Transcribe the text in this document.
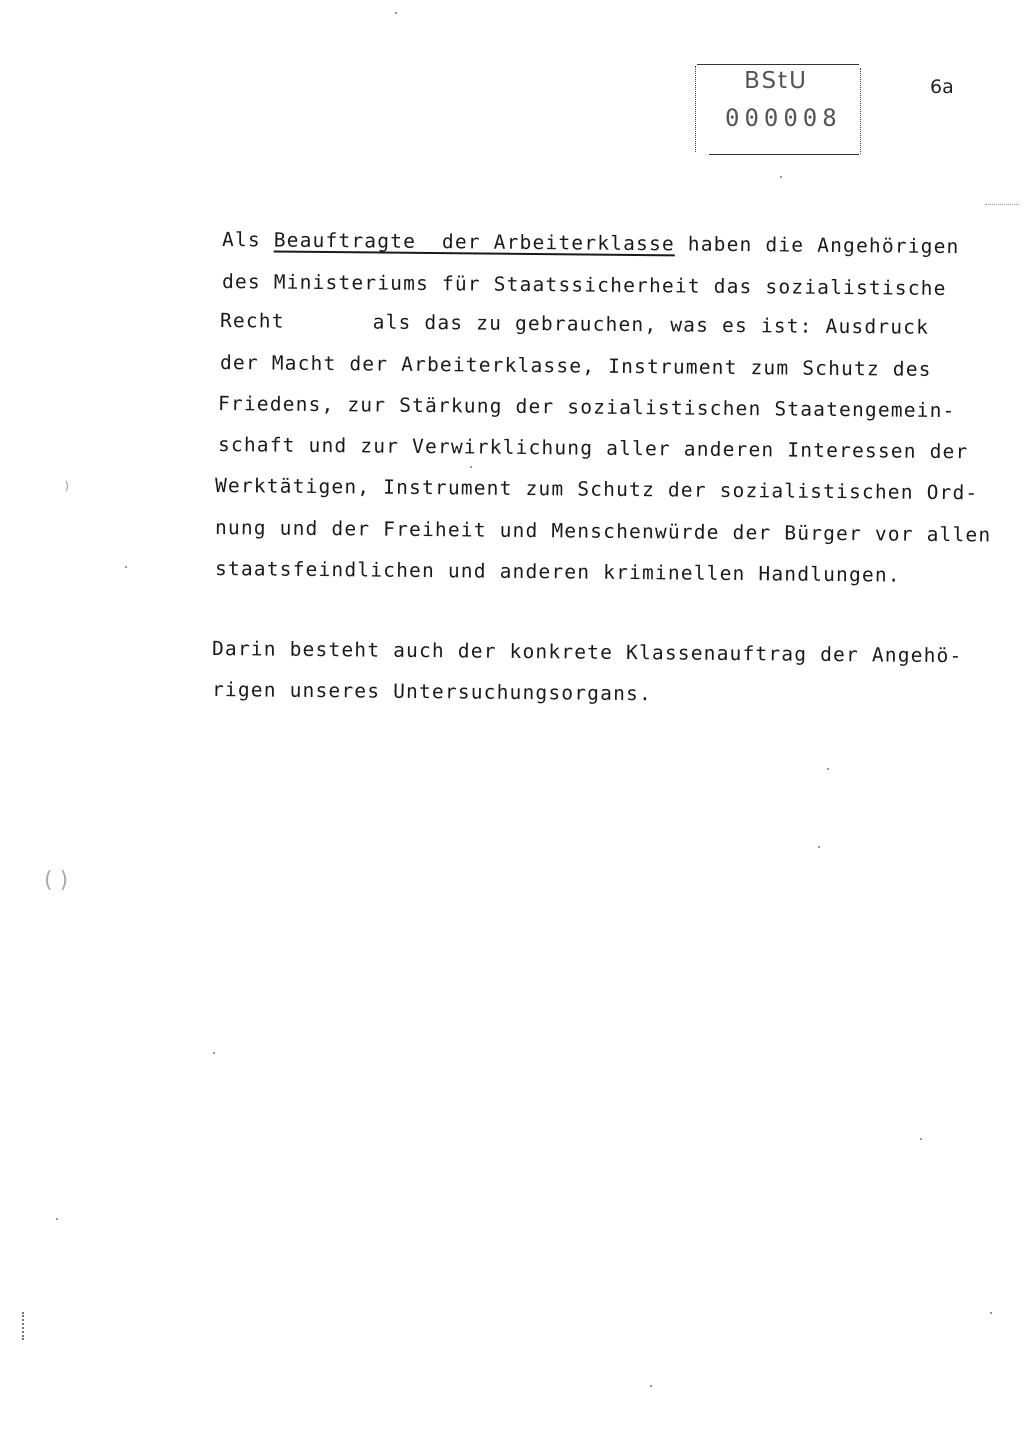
BStU
000008
6a
Als Beauftragte  der Arbeiterklasse haben die Angehörigen
des Ministeriums für Staatssicherheit das sozialistische
Recht	als das zu gebrauchen, was es ist: Ausdruck
der Macht der Arbeiterklasse, Instrument zum Schutz des
Friedens, zur Stärkung der sozialistischen Staatengemein-
schaft und zur Verwirklichung aller anderen Interessen der
Werktätigen, Instrument zum Schutz der sozialistischen Ord-
nung und der Freiheit und Menschenwürde der Bürger vor allen
staatsfeindlichen und anderen kriminellen Handlungen.
Darin besteht auch der konkrete Klassenauftrag der Angehö-
rigen unseres Untersuchungsorgans.
⁾
( )
